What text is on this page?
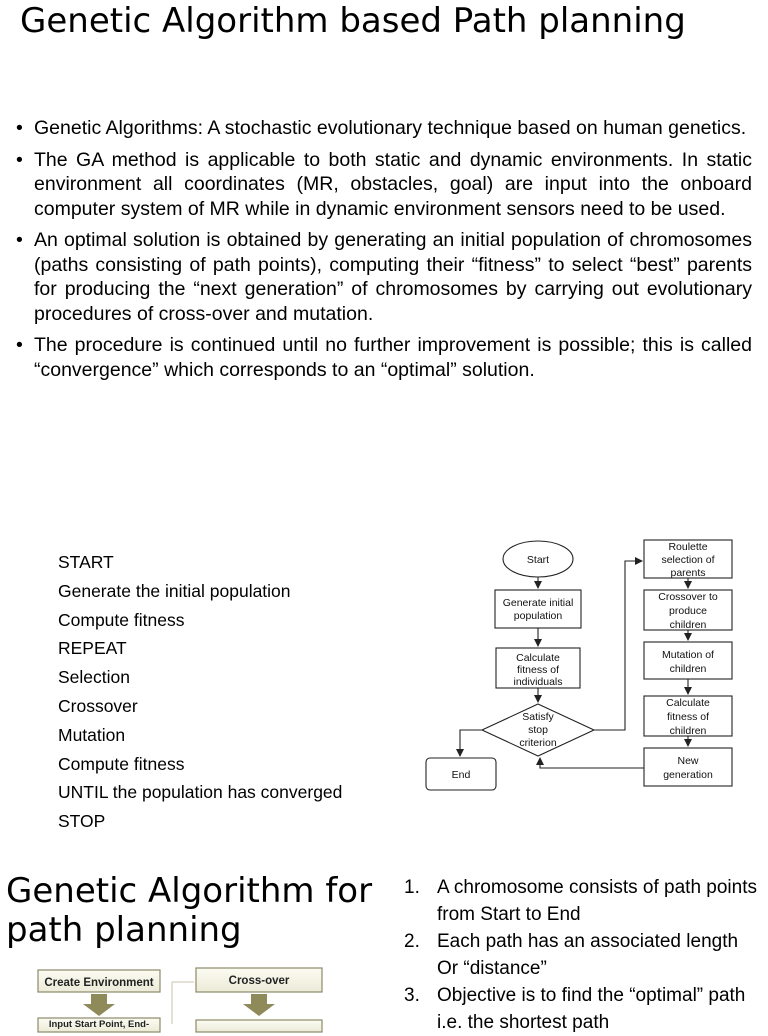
Genetic Algorithm based Path planning
• Genetic Algorithms: A stochastic evolutionary technique based on human genetics.
• The GA method is applicable to both static and dynamic environments. In static environment all coordinates (MR, obstacles, goal) are input into the onboard computer system of MR while in dynamic environment sensors need to be used.
• An optimal solution is obtained by generating an initial population of chromosomes (paths consisting of path points), computing their “fitness” to select “best” parents for producing the “next generation” of chromosomes by carrying out evolutionary procedures of cross-over and mutation.
• The procedure is continued until no further improvement is possible; this is called “convergence” which corresponds to an “optimal” solution.
START
Generate the initial population
Compute fitness
REPEAT
Selection
Crossover
Mutation
Compute fitness
UNTIL the population has converged
STOP
Start
Generate initial
population
Calculate
fitness of
individuals
Satisfy
stop
criterion
End
Roulette
selection of
parents
Crossover to
produce
children
Mutation of
children
Calculate
fitness of
children
New
generation
Genetic Algorithm for path planning
1. A chromosome consists of path points from Start to End
2. Each path has an associated length Or “distance”
3. Objective is to find the “optimal” path i.e. the shortest path
Create Environment	Cross-over
Input Start Point, End-
